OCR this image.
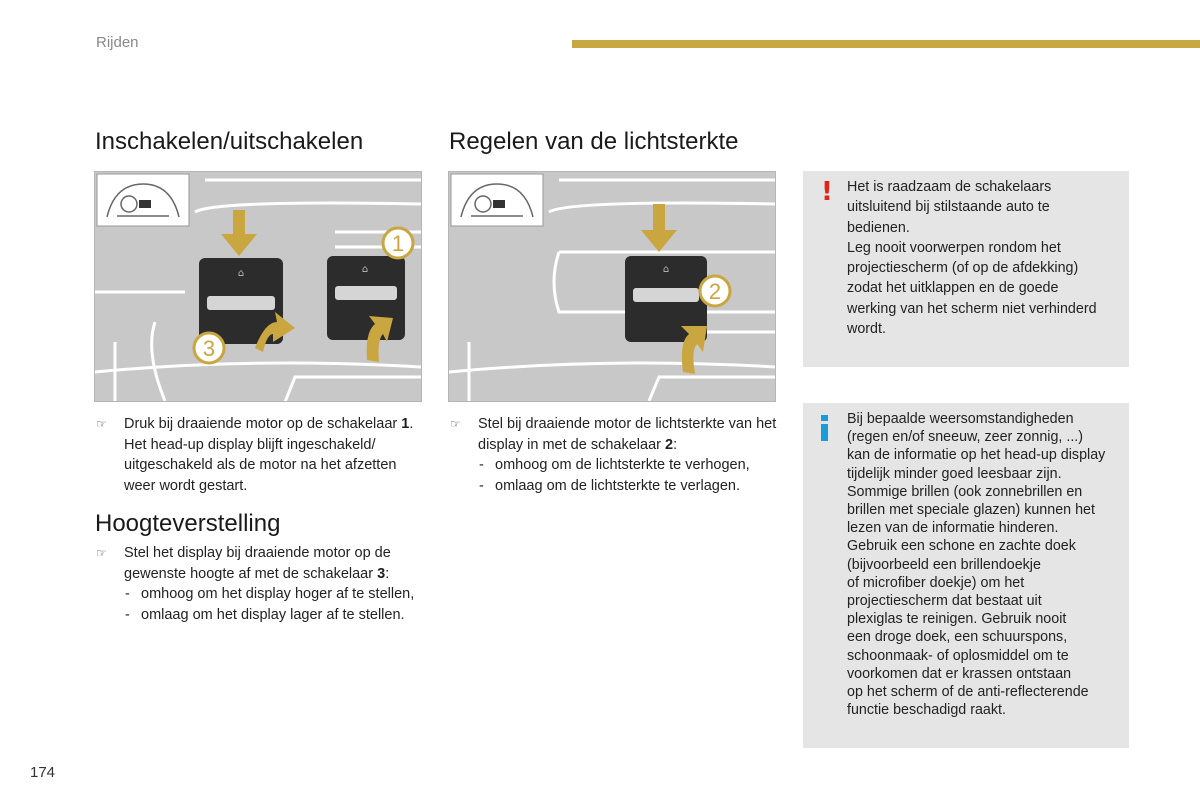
Rijden
Inschakelen/uitschakelen
⌂	⌂
1
3
☞ Druk bij draaiende motor op de schakelaar 1. Het head-up display blijft ingeschakeld/ uitgeschakeld als de motor na het afzetten weer wordt gestart.
Hoogteverstelling
☞ Stel het display bij draaiende motor op de gewenste hoogte af met de schakelaar 3:
- omhoog om het display hoger af te stellen,
- omlaag om het display lager af te stellen.
Regelen van de lichtsterkte
⌂
2
☞ Stel bij draaiende motor de lichtsterkte van het display in met de schakelaar 2:
- omhoog om de lichtsterkte te verhogen,
- omlaag om de lichtsterkte te verlagen.
! Het is raadzaam de schakelaars
uitsluitend bij stilstaande auto te
bedienen.
Leg nooit voorwerpen rondom het
projectiescherm (of op de afdekking)
zodat het uitklappen en de goede
werking van het scherm niet verhinderd
wordt.
Bij bepaalde weersomstandigheden
(regen en/of sneeuw, zeer zonnig, ...)
kan de informatie op het head-up display
tijdelijk minder goed leesbaar zijn.
Sommige brillen (ook zonnebrillen en
brillen met speciale glazen) kunnen het
lezen van de informatie hinderen.
Gebruik een schone en zachte doek
(bijvoorbeeld een brillendoekje
of microfiber doekje) om het
projectiescherm dat bestaat uit
plexiglas te reinigen. Gebruik nooit
een droge doek, een schuurspons,
schoonmaak- of oplosmiddel om te
voorkomen dat er krassen ontstaan
op het scherm of de anti-reflecterende
functie beschadigd raakt.
174
